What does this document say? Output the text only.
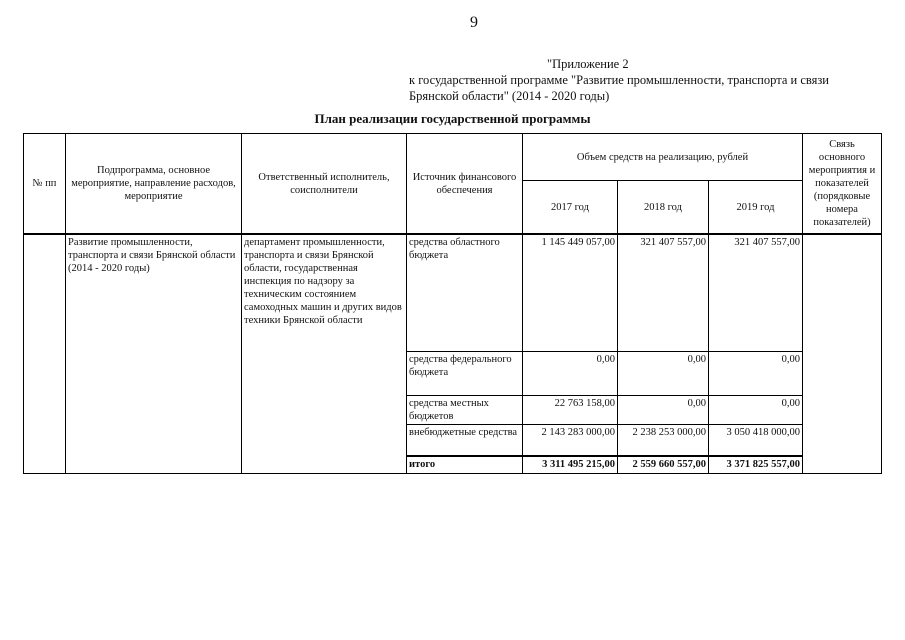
9
"Приложение 2
к государственной программе "Развитие промышленности, транспорта и связи
Брянской области" (2014 - 2020 годы)
План реализации государственной программы
№ пп	Подпрограмма, основное мероприятие, направление расходов, мероприятие	Ответственный исполнитель, соисполнители	Источник финансового обеспечения	Объем средств на реализацию, рублей			Связь основного мероприятия и показателей (порядковые номера показателей)
				2017 год	2018 год	2019 год	
	Развитие промышленности, транспорта и связи Брянской области (2014 - 2020 годы)	департамент промышленности, транспорта и связи Брянской области, государственная инспекция по надзору за техническим состоянием самоходных машин и других видов техники Брянской области	средства областного бюджета	1 145 449 057,00	321 407 557,00	321 407 557,00	
			средства федерального бюджета	0,00	0,00	0,00	
			средства местных бюджетов	22 763 158,00	0,00	0,00	
			внебюджетные средства	2 143 283 000,00	2 238 253 000,00	3 050 418 000,00	
			итого	3 311 495 215,00	2 559 660 557,00	3 371 825 557,00	
